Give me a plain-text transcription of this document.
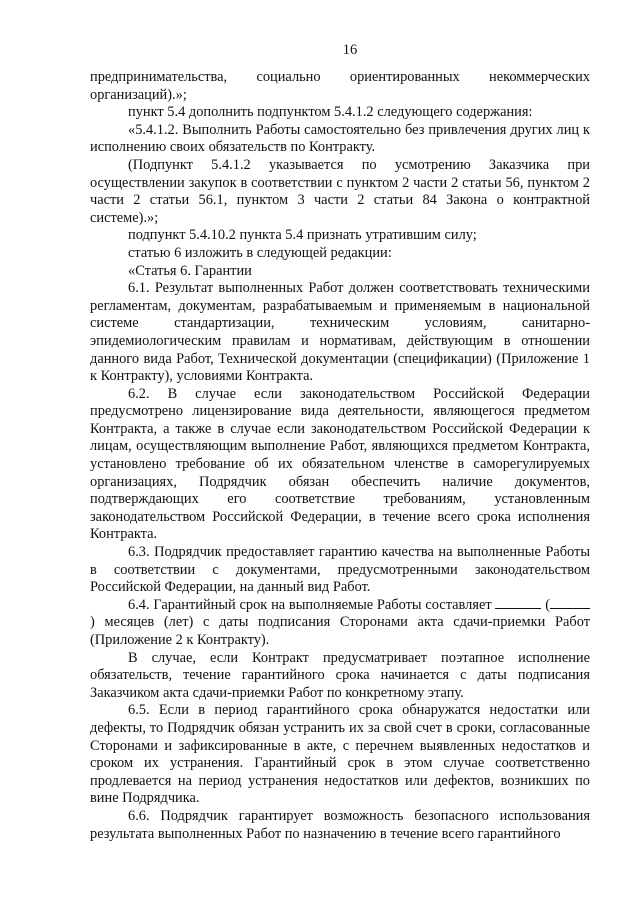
16

предпринимательства, социально ориентированных некоммерческих организаций).»;

пункт 5.4 дополнить подпунктом 5.4.1.2 следующего содержания:

«5.4.1.2. Выполнить Работы самостоятельно без привлечения других лиц к исполнению своих обязательств по Контракту.

(Подпункт 5.4.1.2 указывается по усмотрению Заказчика при осуществлении закупок в соответствии с пунктом 2 части 2 статьи 56, пунктом 2 части 2 статьи 56.1, пунктом 3 части 2 статьи 84 Закона о контрактной системе).»;

подпункт 5.4.10.2 пункта 5.4 признать утратившим силу;

статью 6 изложить в следующей редакции:

«Статья 6. Гарантии

6.1. Результат выполненных Работ должен соответствовать техническими регламентам, документам, разрабатываемым и применяемым в национальной системе стандартизации, техническим условиям, санитарно-эпидемиологическим правилам и нормативам, действующим в отношении данного вида Работ, Технической документации (спецификации) (Приложение 1 к Контракту), условиями Контракта.

6.2. В случае если законодательством Российской Федерации предусмотрено лицензирование вида деятельности, являющегося предметом Контракта, а также в случае если законодательством Российской Федерации к лицам, осуществляющим выполнение Работ, являющихся предметом Контракта, установлено требование об их обязательном членстве в саморегулируемых организациях, Подрядчик обязан обеспечить наличие документов, подтверждающих его соответствие требованиям, установленным законодательством Российской Федерации, в течение всего срока исполнения Контракта.

6.3. Подрядчик предоставляет гарантию качества на выполненные Работы в соответствии с документами, предусмотренными законодательством Российской Федерации, на данный вид Работ.

6.4. Гарантийный срок на выполняемые Работы составляет	() месяцев (лет) с даты подписания Сторонами акта сдачи-приемки Работ (Приложение 2 к Контракту).

В случае, если Контракт предусматривает поэтапное исполнение обязательств, течение гарантийного срока начинается с даты подписания Заказчиком акта сдачи-приемки Работ по конкретному этапу.

6.5. Если в период гарантийного срока обнаружатся недостатки или дефекты, то Подрядчик обязан устранить их за свой счет в сроки, согласованные Сторонами и зафиксированные в акте, с перечнем выявленных недостатков и сроком их устранения. Гарантийный срок в этом случае соответственно продлевается на период устранения недостатков или дефектов, возникших по вине Подрядчика.

6.6. Подрядчик гарантирует возможность безопасного использования результата выполненных Работ по назначению в течение всего гарантийного
